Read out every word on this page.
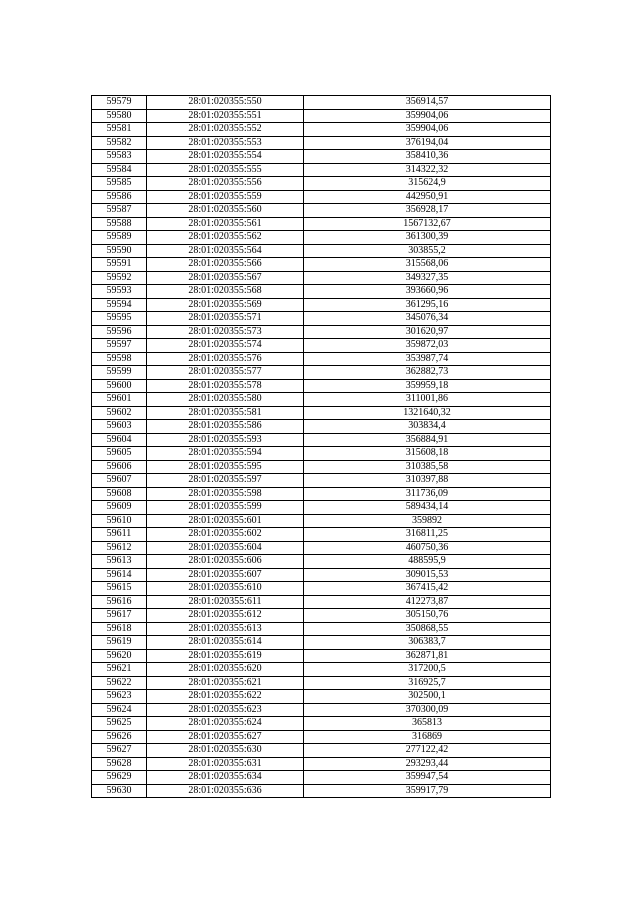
59579	28:01:020355:550	356914,57
59580	28:01:020355:551	359904,06
59581	28:01:020355:552	359904,06
59582	28:01:020355:553	376194,04
59583	28:01:020355:554	358410,36
59584	28:01:020355:555	314322,32
59585	28:01:020355:556	315624,9
59586	28:01:020355:559	442950,91
59587	28:01:020355:560	356928,17
59588	28:01:020355:561	1567132,67
59589	28:01:020355:562	361300,39
59590	28:01:020355:564	303855,2
59591	28:01:020355:566	315568,06
59592	28:01:020355:567	349327,35
59593	28:01:020355:568	393660,96
59594	28:01:020355:569	361295,16
59595	28:01:020355:571	345076,34
59596	28:01:020355:573	301620,97
59597	28:01:020355:574	359872,03
59598	28:01:020355:576	353987,74
59599	28:01:020355:577	362882,73
59600	28:01:020355:578	359959,18
59601	28:01:020355:580	311001,86
59602	28:01:020355:581	1321640,32
59603	28:01:020355:586	303834,4
59604	28:01:020355:593	356884,91
59605	28:01:020355:594	315608,18
59606	28:01:020355:595	310385,58
59607	28:01:020355:597	310397,88
59608	28:01:020355:598	311736,09
59609	28:01:020355:599	589434,14
59610	28:01:020355:601	359892
59611	28:01:020355:602	316811,25
59612	28:01:020355:604	460750,36
59613	28:01:020355:606	488595,9
59614	28:01:020355:607	309015,53
59615	28:01:020355:610	367415,42
59616	28:01:020355:611	412273,87
59617	28:01:020355:612	305150,76
59618	28:01:020355:613	350868,55
59619	28:01:020355:614	306383,7
59620	28:01:020355:619	362871,81
59621	28:01:020355:620	317200,5
59622	28:01:020355:621	316925,7
59623	28:01:020355:622	302500,1
59624	28:01:020355:623	370300,09
59625	28:01:020355:624	365813
59626	28:01:020355:627	316869
59627	28:01:020355:630	277122,42
59628	28:01:020355:631	293293,44
59629	28:01:020355:634	359947,54
59630	28:01:020355:636	359917,79
